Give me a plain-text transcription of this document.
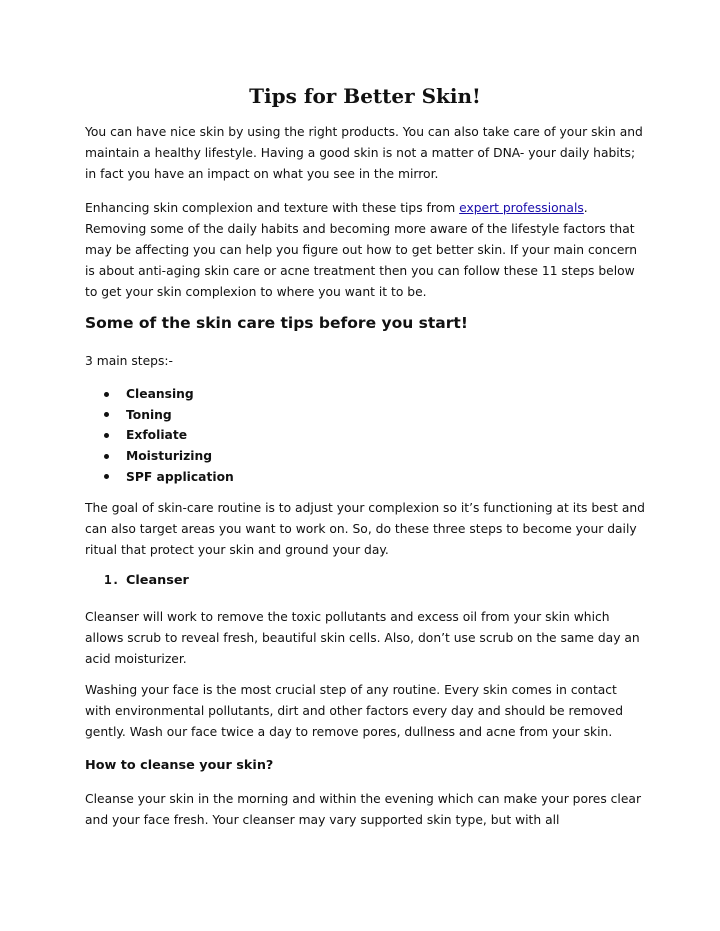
Tips for Better Skin!

You can have nice skin by using the right products. You can also take care of your skin and maintain a healthy lifestyle. Having a good skin is not a matter of DNA- your daily habits; in fact you have an impact on what you see in the mirror.

Enhancing skin complexion and texture with these tips from expert professionals. Removing some of the daily habits and becoming more aware of the lifestyle factors that may be affecting you can help you figure out how to get better skin. If your main concern is about anti-aging skin care or acne treatment then you can follow these 11 steps below to get your skin complexion to where you want it to be.

Some of the skin care tips before you start!

3 main steps:-

Cleansing
Toning
Exfoliate
Moisturizing
SPF application

The goal of skin-care routine is to adjust your complexion so it’s functioning at its best and can also target areas you want to work on. So, do these three steps to become your daily ritual that protect your skin and ground your day.

1. Cleanser

Cleanser will work to remove the toxic pollutants and excess oil from your skin which allows scrub to reveal fresh, beautiful skin cells. Also, don’t use scrub on the same day an acid moisturizer.

Washing your face is the most crucial step of any routine. Every skin comes in contact with environmental pollutants, dirt and other factors every day and should be removed gently. Wash our face twice a day to remove pores, dullness and acne from your skin.

How to cleanse your skin?

Cleanse your skin in the morning and within the evening which can make your pores clear and your face fresh. Your cleanser may vary supported skin type, but with all
